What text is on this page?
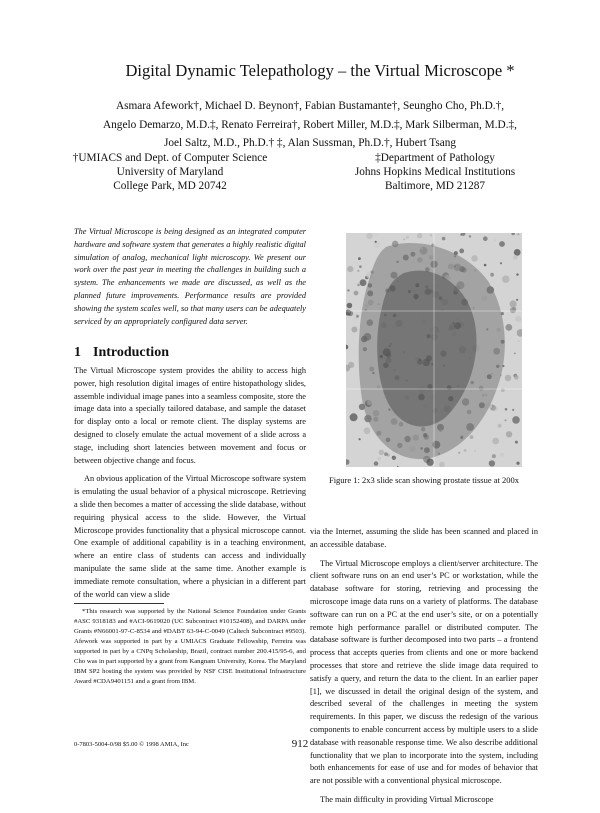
Digital Dynamic Telepathology – the Virtual Microscope *
Asmara Afework†, Michael D. Beynon†, Fabian Bustamante†, Seungho Cho, Ph.D.†,
Angelo Demarzo, M.D.‡, Renato Ferreira†, Robert Miller, M.D.‡, Mark Silberman, M.D.‡,
Joel Saltz, M.D., Ph.D.† ‡, Alan Sussman, Ph.D.†, Hubert Tsang
†UMIACS and Dept. of Computer Science
University of Maryland
College Park, MD 20742
‡Department of Pathology
Johns Hopkins Medical Institutions
Baltimore, MD 21287
The Virtual Microscope is being designed as an integrated computer hardware and software system that generates a highly realistic digital simulation of analog, mechanical light microscopy. We present our work over the past year in meeting the challenges in building such a system. The enhancements we made are discussed, as well as the planned future improvements. Performance results are provided showing the system scales well, so that many users can be adequately serviced by an appropriately configured data server.
1 Introduction

The Virtual Microscope system provides the ability to access high power, high resolution digital images of entire histopathology slides, assemble individual image panes into a seamless composite, store the image data into a specially tailored database, and sample the dataset for display onto a local or remote client. The display systems are designed to closely emulate the actual movement of a slide across a stage, including short latencies between movement and focus or between objective change and focus.

An obvious application of the Virtual Microscope software system is emulating the usual behavior of a physical microscope. Retrieving a slide then becomes a matter of accessing the slide database, without requiring physical access to the slide. However, the Virtual Microscope provides functionality that a physical microscope cannot. One example of additional capability is in a teaching environment, where an entire class of students can access and individually manipulate the same slide at the same time. Another example is immediate remote consultation, where a physician in a different part of the world can view a slide

*This research was supported by the National Science Foundation under Grants #ASC 9318183 and #ACI-9619020 (UC Subcontract #10152408), and DARPA under Grants #N66001-97-C-8534 and #DABT 63-94-C-0049 (Caltech Subcontract #9503). Afework was supported in part by a UMIACS Graduate Fellowship, Ferreira was supported in part by a CNPq Scholarship, Brazil, contract number 200.415/95-6, and Cho was in part supported by a grant from Kangnam University, Korea. The Maryland IBM SP2 hosting the system was provided by NSF CISE Institutional Infrastructure Award #CDA9401151 and a grant from IBM.
Figure 1: 2x3 slide scan showing prostate tissue at 200x

via the Internet, assuming the slide has been scanned and placed in an accessible database.

The Virtual Microscope employs a client/server architecture. The client software runs on an end user’s PC or workstation, while the database software for storing, retrieving and processing the microscope image data runs on a variety of platforms. The database software can run on a PC at the end user’s site, or on a potentially remote high performance parallel or distributed computer. The database software is further decomposed into two parts – a frontend process that accepts queries from clients and one or more backend processes that store and retrieve the slide image data required to satisfy a query, and return the data to the client. In an earlier paper [1], we discussed in detail the original design of the system, and described several of the challenges in meeting the system requirements. In this paper, we discuss the redesign of the various components to enable concurrent access by multiple users to a slide database with reasonable response time. We also describe additional functionality that we plan to incorporate into the system, including both enhancements for ease of use and for modes of behavior that are not possible with a conventional physical microscope.

The main difficulty in providing Virtual Microscope

0-7803-5004-0/98 $5.00 © 1998 AMIA, Inc	912
